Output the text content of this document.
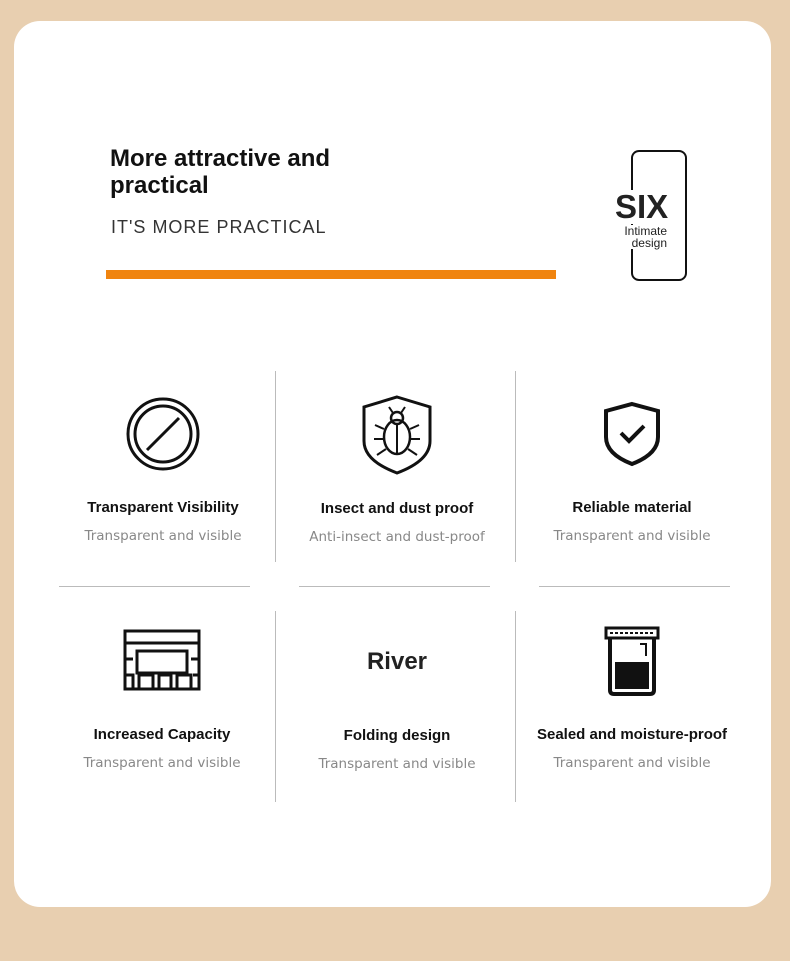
More attractive and practical
IT'S MORE PRACTICAL
SIX
Intimate
design
Transparent Visibility
Transparent and visible
Insect and dust proof
Anti-insect and dust-proof
Reliable material
Transparent and visible
Increased Capacity
Transparent and visible
River
Folding design
Transparent and visible
Sealed and moisture-proof
Transparent and visible
